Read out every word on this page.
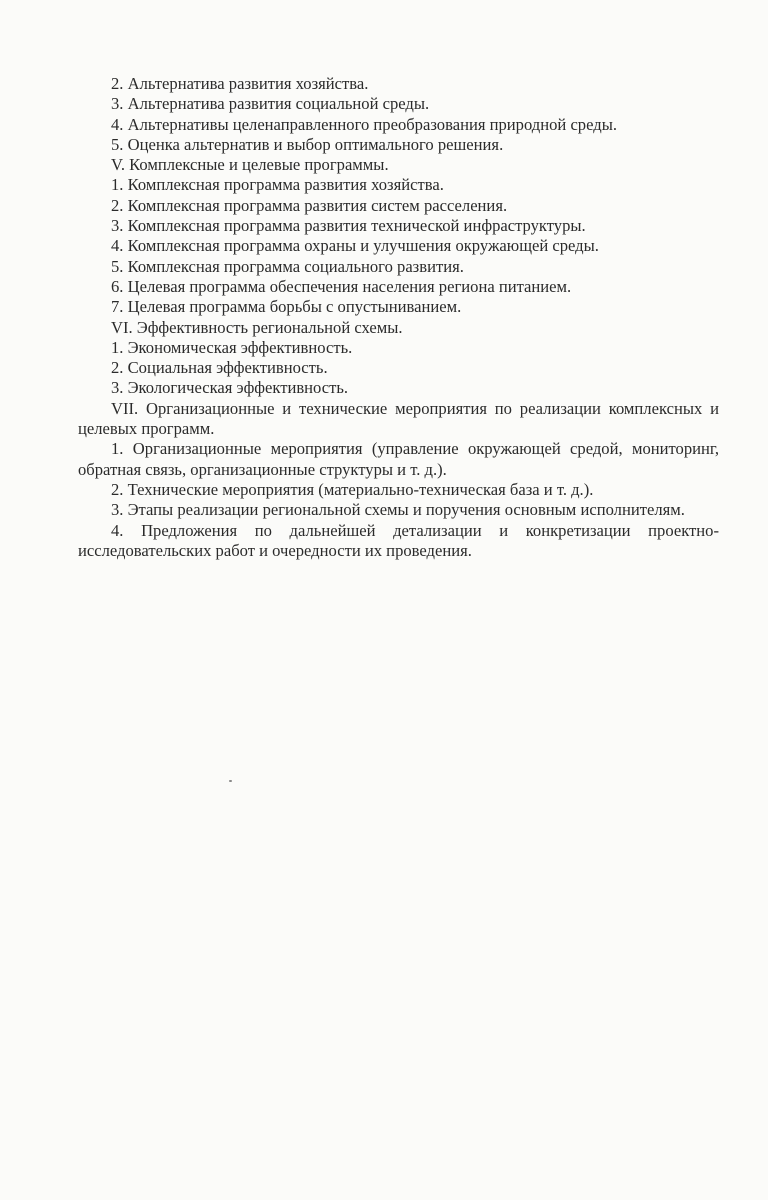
2. Альтернатива развития хозяйства.

3. Альтернатива развития социальной среды.

4. Альтернативы целенаправленного преобразования природной среды.

5. Оценка альтернатив и выбор оптимального решения.

V. Комплексные и целевые программы.

1. Комплексная программа развития хозяйства.

2. Комплексная программа развития систем расселения.

3. Комплексная программа развития технической инфраструктуры.

4. Комплексная программа охраны и улучшения окружающей среды.

5. Комплексная программа социального развития.

6. Целевая программа обеспечения населения региона питанием.

7. Целевая программа борьбы с опустыниванием.

VI. Эффективность региональной схемы.

1. Экономическая эффективность.

2. Социальная эффективность.

3. Экологическая эффективность.

VII. Организационные и технические мероприятия по реализации комплексных и целевых программ.

1. Организационные мероприятия (управление окружающей средой, мониторинг, обратная связь, организационные структуры и т. д.).

2. Технические мероприятия (материально-техническая база и т. д.).

3. Этапы реализации региональной схемы и поручения основным исполнителям.

4. Предложения по дальнейшей детализации и конкретизации проектно-исследовательских работ и очередности их проведения.
